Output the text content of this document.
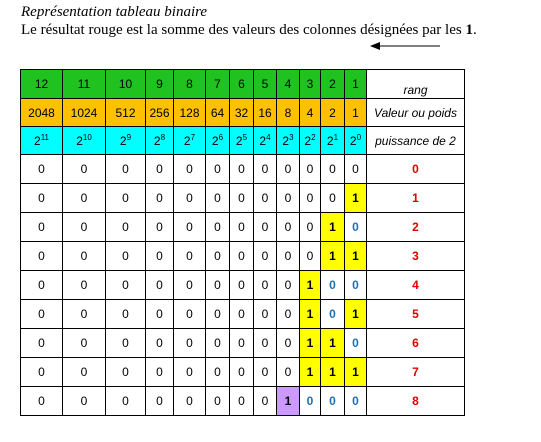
Représentation tableau binaire
Le résultat rouge est la somme des valeurs des colonnes désignées par les 1.
12	11	10	9	8	7	6	5	4	3	2	1	rang
2048	1024	512	256	128	64	32	16	8	4	2	1	Valeur ou poids
$2^{11}$	$2^{10}$	$2^9$	$2^8$	$2^7$	$2^6$	$2^5$	$2^4$	$2^3$	$2^2$	$2^1$	$2^0$	puissance de 2
0	0	0	0	0	0	0	0	0	0	0	0	0
0	0	0	0	0	0	0	0	0	0	0	1	1
0	0	0	0	0	0	0	0	0	0	1	0	2
0	0	0	0	0	0	0	0	0	0	1	1	3
0	0	0	0	0	0	0	0	0	1	0	0	4
0	0	0	0	0	0	0	0	0	1	0	1	5
0	0	0	0	0	0	0	0	0	1	1	0	6
0	0	0	0	0	0	0	0	0	1	1	1	7
0	0	0	0	0	0	0	0	1	0	0	0	8
